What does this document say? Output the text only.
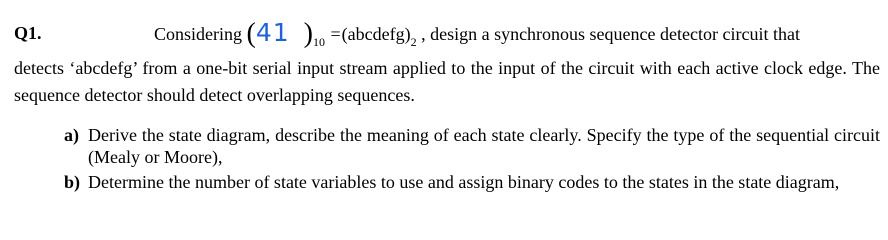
Q1.	Considering (41 )$_{10}$ $=(abcdefg)_2$ , design a synchronous sequence detector circuit that
detects ‘abcdefg’ from a one-bit serial input stream applied to the input of the circuit with each active clock edge. The sequence detector should detect overlapping sequences.
a) Derive the state diagram, describe the meaning of each state clearly. Specify the type of the sequential circuit (Mealy or Moore),
b) Determine the number of state variables to use and assign binary codes to the states in the state diagram,
